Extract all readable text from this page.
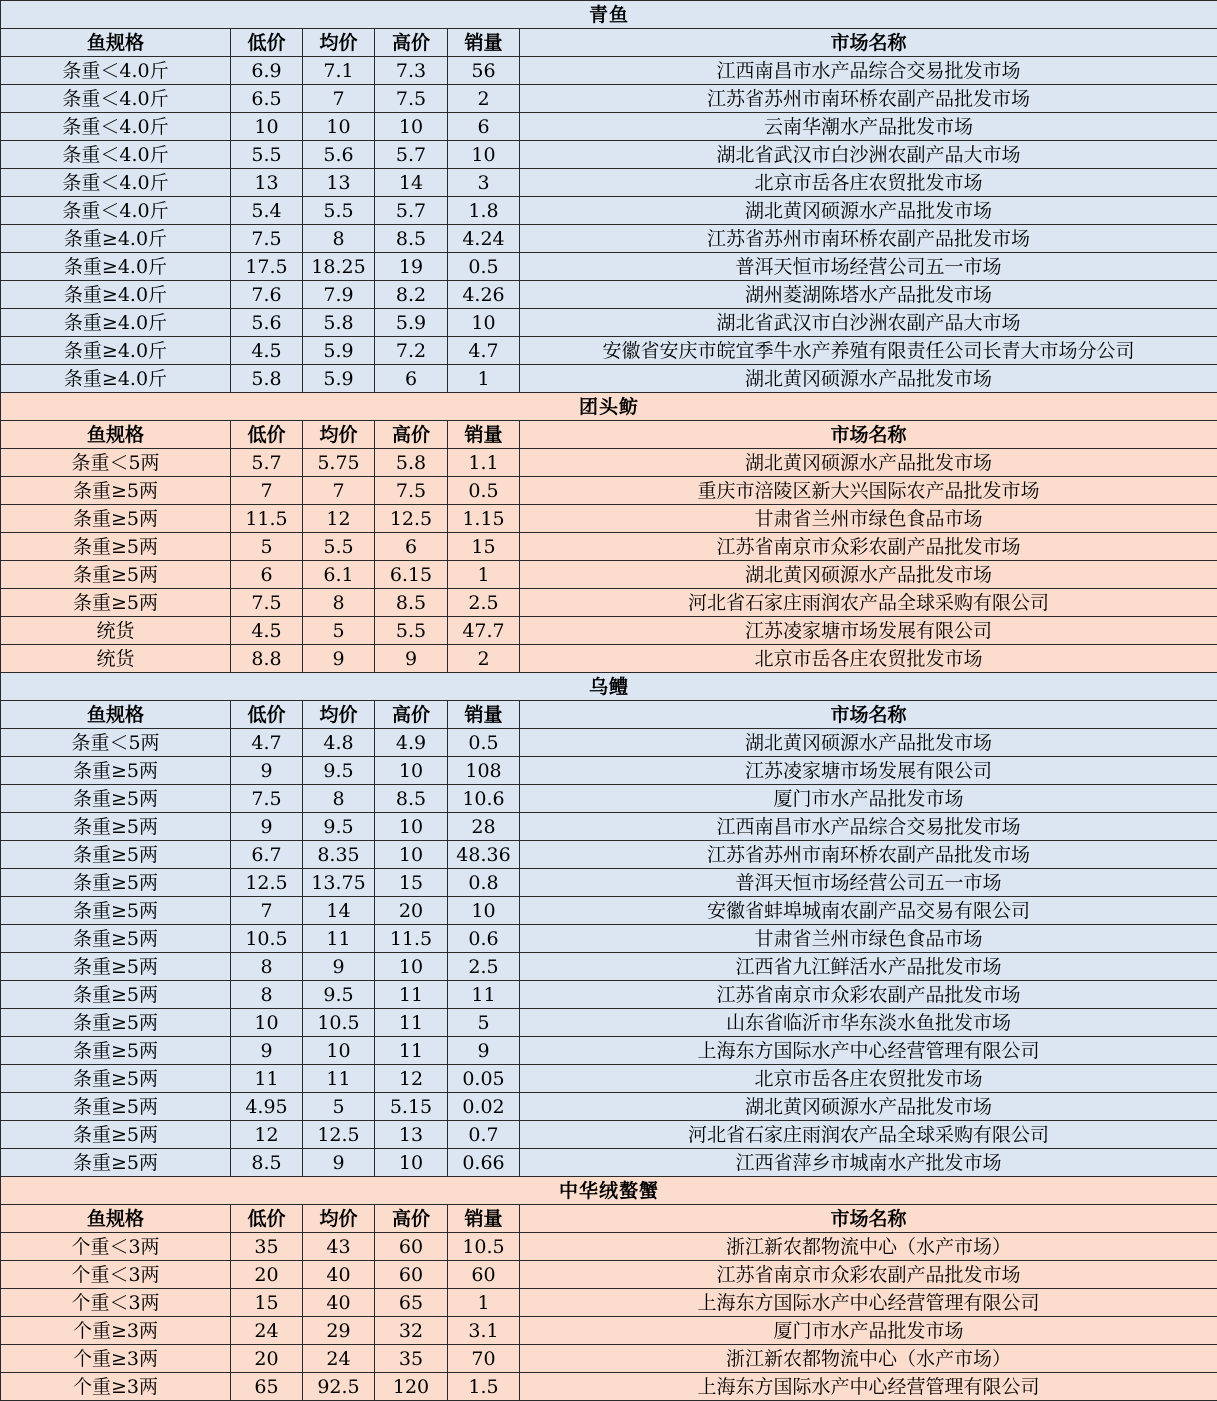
青鱼					
鱼规格	低价	均价	高价	销量	市场名称
条重＜4.0斤	6.9	7.1	7.3	56	江西南昌市水产品综合交易批发市场
条重＜4.0斤	6.5	7	7.5	2	江苏省苏州市南环桥农副产品批发市场
条重＜4.0斤	10	10	10	6	云南华潮水产品批发市场
条重＜4.0斤	5.5	5.6	5.7	10	湖北省武汉市白沙洲农副产品大市场
条重＜4.0斤	13	13	14	3	北京市岳各庄农贸批发市场
条重＜4.0斤	5.4	5.5	5.7	1.8	湖北黄冈硕源水产品批发市场
条重≥4.0斤	7.5	8	8.5	4.24	江苏省苏州市南环桥农副产品批发市场
条重≥4.0斤	17.5	18.25	19	0.5	普洱天恒市场经营公司五一市场
条重≥4.0斤	7.6	7.9	8.2	4.26	湖州菱湖陈塔水产品批发市场
条重≥4.0斤	5.6	5.8	5.9	10	湖北省武汉市白沙洲农副产品大市场
条重≥4.0斤	4.5	5.9	7.2	4.7	安徽省安庆市皖宜季牛水产养殖有限责任公司长青大市场分公司
条重≥4.0斤	5.8	5.9	6	1	湖北黄冈硕源水产品批发市场
团头鲂					
鱼规格	低价	均价	高价	销量	市场名称
条重＜5两	5.7	5.75	5.8	1.1	湖北黄冈硕源水产品批发市场
条重≥5两	7	7	7.5	0.5	重庆市涪陵区新大兴国际农产品批发市场
条重≥5两	11.5	12	12.5	1.15	甘肃省兰州市绿色食品市场
条重≥5两	5	5.5	6	15	江苏省南京市众彩农副产品批发市场
条重≥5两	6	6.1	6.15	1	湖北黄冈硕源水产品批发市场
条重≥5两	7.5	8	8.5	2.5	河北省石家庄雨润农产品全球采购有限公司
统货	4.5	5	5.5	47.7	江苏凌家塘市场发展有限公司
统货	8.8	9	9	2	北京市岳各庄农贸批发市场
乌鳢					
鱼规格	低价	均价	高价	销量	市场名称
条重＜5两	4.7	4.8	4.9	0.5	湖北黄冈硕源水产品批发市场
条重≥5两	9	9.5	10	108	江苏凌家塘市场发展有限公司
条重≥5两	7.5	8	8.5	10.6	厦门市水产品批发市场
条重≥5两	9	9.5	10	28	江西南昌市水产品综合交易批发市场
条重≥5两	6.7	8.35	10	48.36	江苏省苏州市南环桥农副产品批发市场
条重≥5两	12.5	13.75	15	0.8	普洱天恒市场经营公司五一市场
条重≥5两	7	14	20	10	安徽省蚌埠城南农副产品交易有限公司
条重≥5两	10.5	11	11.5	0.6	甘肃省兰州市绿色食品市场
条重≥5两	8	9	10	2.5	江西省九江鲜活水产品批发市场
条重≥5两	8	9.5	11	11	江苏省南京市众彩农副产品批发市场
条重≥5两	10	10.5	11	5	山东省临沂市华东淡水鱼批发市场
条重≥5两	9	10	11	9	上海东方国际水产中心经营管理有限公司
条重≥5两	11	11	12	0.05	北京市岳各庄农贸批发市场
条重≥5两	4.95	5	5.15	0.02	湖北黄冈硕源水产品批发市场
条重≥5两	12	12.5	13	0.7	河北省石家庄雨润农产品全球采购有限公司
条重≥5两	8.5	9	10	0.66	江西省萍乡市城南水产批发市场
中华绒螯蟹					
鱼规格	低价	均价	高价	销量	市场名称
个重＜3两	35	43	60	10.5	浙江新农都物流中心（水产市场）
个重＜3两	20	40	60	60	江苏省南京市众彩农副产品批发市场
个重＜3两	15	40	65	1	上海东方国际水产中心经营管理有限公司
个重≥3两	24	29	32	3.1	厦门市水产品批发市场
个重≥3两	20	24	35	70	浙江新农都物流中心（水产市场）
个重≥3两	65	92.5	120	1.5	上海东方国际水产中心经营管理有限公司
